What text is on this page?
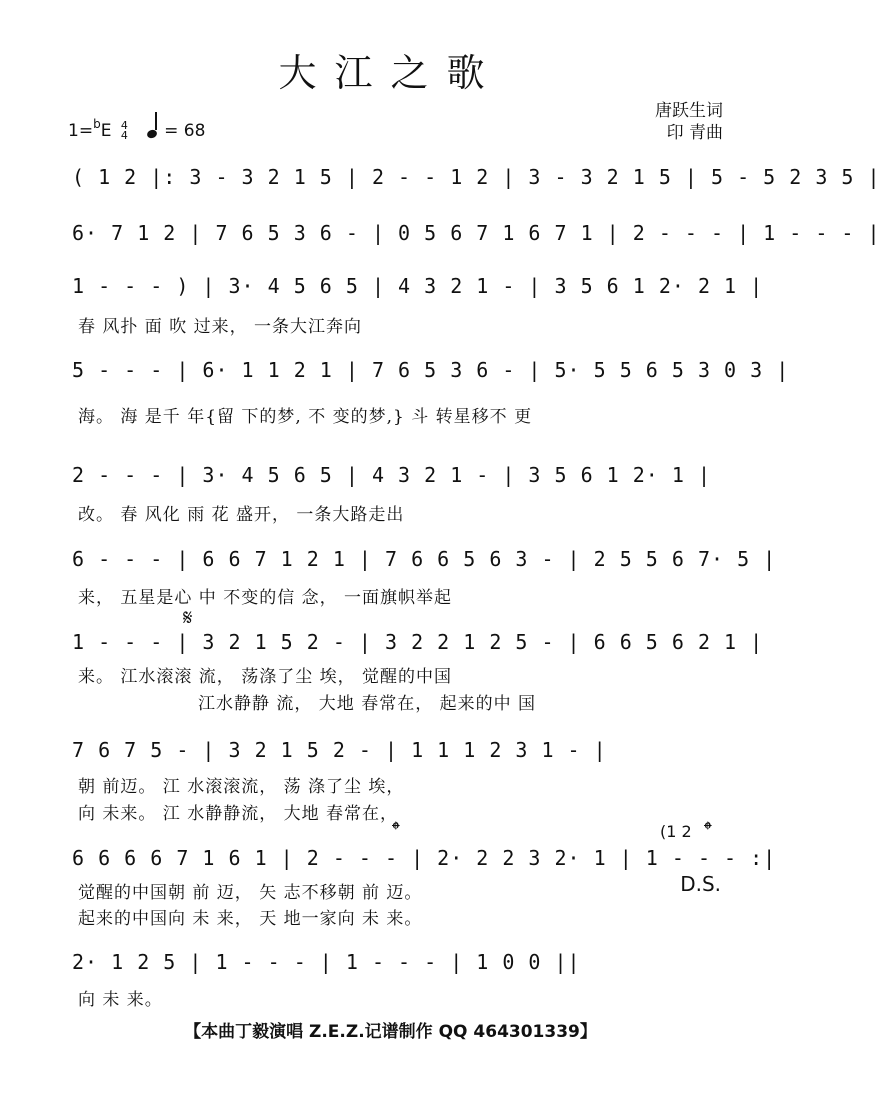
大江之歌
唐跃生词
印 青曲
1=$^b$E 4
4 = 68
( 1 2 |: 3 - 3 2 1 5 | 2 - - 1 2 | 3 - 3 2 1 5 | 5 - 5 2 3 5 |
6· 7 1 2 | 7 6 5 3 6 - | 0 5 6 7 1 6 7 1 | 2 - - - | 1 - - - |
1 - - - ) | 3· 4 5 6 5 | 4 3 2 1 - | 3 5 6 1 2· 2 1 |
5 - - - | 6· 1 1 2 1 | 7 6 5 3 6 - | 5· 5 5 6 5 3 0 3 |
2 - - - | 3· 4 5 6 5 | 4 3 2 1 - | 3 5 6 1 2· 1 |
6 - - - | 6 6 7 1 2 1 | 7 6 6 5 6 3 - | 2 5 5 6 7· 5 |
1 - - - | 3 2 1 5 2 - | 3 2 2 1 2 5 - | 6 6 5 6 2 1 |
7 6 7 5 - | 3 2 1 5 2 - | 1 1 1 2 3 1 - |
6 6 6 6 7 1 6 1 | 2 - - - | 2· 2 2 3 2· 1 | 1 - - - :|
2· 1 2 5 | 1 - - - | 1 - - - | 1 0 0 ||
春 风扑 面 吹 过来， 一条大江奔向
海。 海 是千 年{留 下的梦, 不 变的梦,} 斗 转星移不 更
改。 春 风化 雨 花 盛开， 一条大路走出
来， 五星是心 中 不变的信 念， 一面旗帜举起
来。 江水滚滚 流， 荡涤了尘 埃， 觉醒的中国
江水静静 流， 大地 春常在， 起来的中 国
朝 前迈。 江 水滚滚流， 荡 涤了尘 埃，
向 未来。 江 水静静流， 大地 春常在，
觉醒的中国朝 前 迈， 矢 志不移朝 前 迈。
起来的中国向 未 来， 天 地一家向 未 来。
向 未 来。
𝄋
𝄌	(1 2 𝄌
D.S.
【本曲丁毅演唱 Z.E.Z.记谱制作 QQ 464301339】
